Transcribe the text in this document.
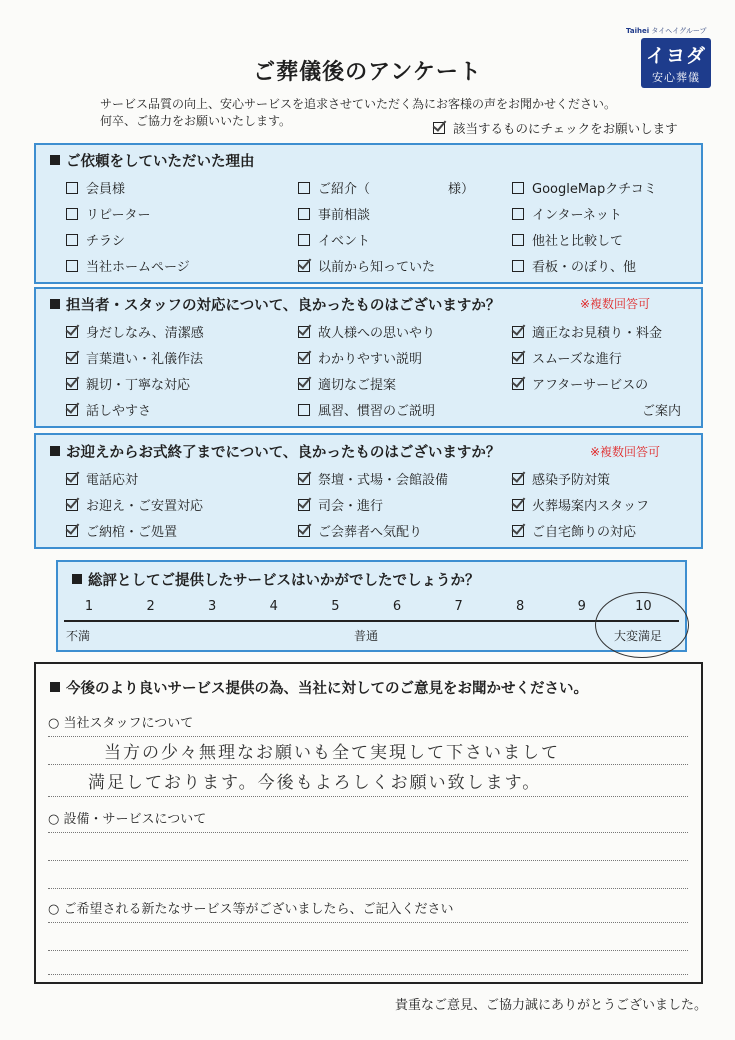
Taihei タイヘイグループ
イヨダ
安心葬儀
ご葬儀後のアンケート
サービス品質の向上、安心サービスを追求させていただく為にお客様の声をお聞かせください。
何卒、ご協力をお願いいたします。	該当するものにチェックをお願いします
ご依頼をしていただいた理由
会員様	ご紹介（　　　　　　様）	GoogleMapクチコミ
リピーター	事前相談	インターネット
チラシ	イベント	他社と比較して
当社ホームページ	以前から知っていた	看板・のぼり、他
担当者・スタッフの対応について、良かったものはございますか？	※複数回答可
身だしなみ、清潔感	故人様への思いやり	適正なお見積り・料金
言葉遣い・礼儀作法	わかりやすい説明	スムーズな進行
親切・丁寧な対応	適切なご提案	アフターサービスの
話しやすさ	風習、慣習のご説明	ご案内
お迎えからお式終了までについて、良かったものはございますか？	※複数回答可
電話応対	祭壇・式場・会館設備	感染予防対策
お迎え・ご安置対応	司会・進行	火葬場案内スタッフ
ご納棺・ご処置	ご会葬者へ気配り	ご自宅飾りの対応
総評としてご提供したサービスはいかがでしたでしょうか？
1	2	3	4	5	6	7	8	9	10
不満	普通	大変満足
今後のより良いサービス提供の為、当社に対してのご意見をお聞かせください。
○ 当社スタッフについて
当方の少々無理なお願いも全て実現して下さいまして
満足しております。今後もよろしくお願い致します。
○ 設備・サービスについて
○ ご希望される新たなサービス等がございましたら、ご記入ください
貴重なご意見、ご協力誠にありがとうございました。
